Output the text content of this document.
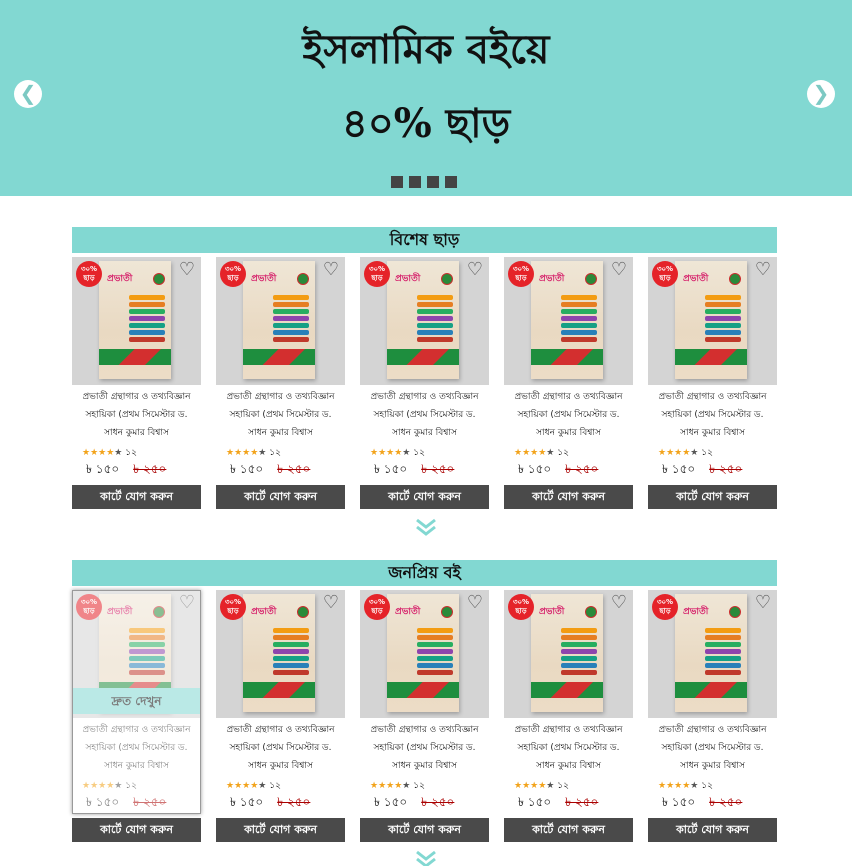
ইসলামিক বইয়ে
৪০% ছাড়
❮	❯
বিশেষ ছাড়
প্রভাতী
৩০% ছাড়	♡
প্রভাতী গ্রন্থাগার ও তথ্যবিজ্ঞান সহায়িকা (প্রথম সিমেস্টার ড. সাধন কুমার বিশ্বাস
★★★★★ ১২
৳ ১৫০ ৳ ২৫০
কার্টে যোগ করুন
প্রভাতী
৩০% ছাড়	♡
প্রভাতী গ্রন্থাগার ও তথ্যবিজ্ঞান সহায়িকা (প্রথম সিমেস্টার ড. সাধন কুমার বিশ্বাস
★★★★★ ১২
৳ ১৫০ ৳ ২৫০
কার্টে যোগ করুন
প্রভাতী
৩০% ছাড়	♡
প্রভাতী গ্রন্থাগার ও তথ্যবিজ্ঞান সহায়িকা (প্রথম সিমেস্টার ড. সাধন কুমার বিশ্বাস
★★★★★ ১২
৳ ১৫০ ৳ ২৫০
কার্টে যোগ করুন
প্রভাতী
৩০% ছাড়	♡
প্রভাতী গ্রন্থাগার ও তথ্যবিজ্ঞান সহায়িকা (প্রথম সিমেস্টার ড. সাধন কুমার বিশ্বাস
★★★★★ ১২
৳ ১৫০ ৳ ২৫০
কার্টে যোগ করুন
প্রভাতী
৩০% ছাড়	♡
প্রভাতী গ্রন্থাগার ও তথ্যবিজ্ঞান সহায়িকা (প্রথম সিমেস্টার ড. সাধন কুমার বিশ্বাস
★★★★★ ১২
৳ ১৫০ ৳ ২৫০
কার্টে যোগ করুন
জনপ্রিয় বই
প্রভাতী
৩০% ছাড়	♡
দ্রুত দেখুন
প্রভাতী গ্রন্থাগার ও তথ্যবিজ্ঞান সহায়িকা (প্রথম সিমেস্টার ড. সাধন কুমার বিশ্বাস
★★★★★ ১২
৳ ১৫০ ৳ ২৫০
কার্টে যোগ করুন
প্রভাতী
৩০% ছাড়	♡
প্রভাতী গ্রন্থাগার ও তথ্যবিজ্ঞান সহায়িকা (প্রথম সিমেস্টার ড. সাধন কুমার বিশ্বাস
★★★★★ ১২
৳ ১৫০ ৳ ২৫০
কার্টে যোগ করুন
প্রভাতী
৩০% ছাড়	♡
প্রভাতী গ্রন্থাগার ও তথ্যবিজ্ঞান সহায়িকা (প্রথম সিমেস্টার ড. সাধন কুমার বিশ্বাস
★★★★★ ১২
৳ ১৫০ ৳ ২৫০
কার্টে যোগ করুন
প্রভাতী
৩০% ছাড়	♡
প্রভাতী গ্রন্থাগার ও তথ্যবিজ্ঞান সহায়িকা (প্রথম সিমেস্টার ড. সাধন কুমার বিশ্বাস
★★★★★ ১২
৳ ১৫০ ৳ ২৫০
কার্টে যোগ করুন
প্রভাতী
৩০% ছাড়	♡
প্রভাতী গ্রন্থাগার ও তথ্যবিজ্ঞান সহায়িকা (প্রথম সিমেস্টার ড. সাধন কুমার বিশ্বাস
★★★★★ ১২
৳ ১৫০ ৳ ২৫০
কার্টে যোগ করুন
